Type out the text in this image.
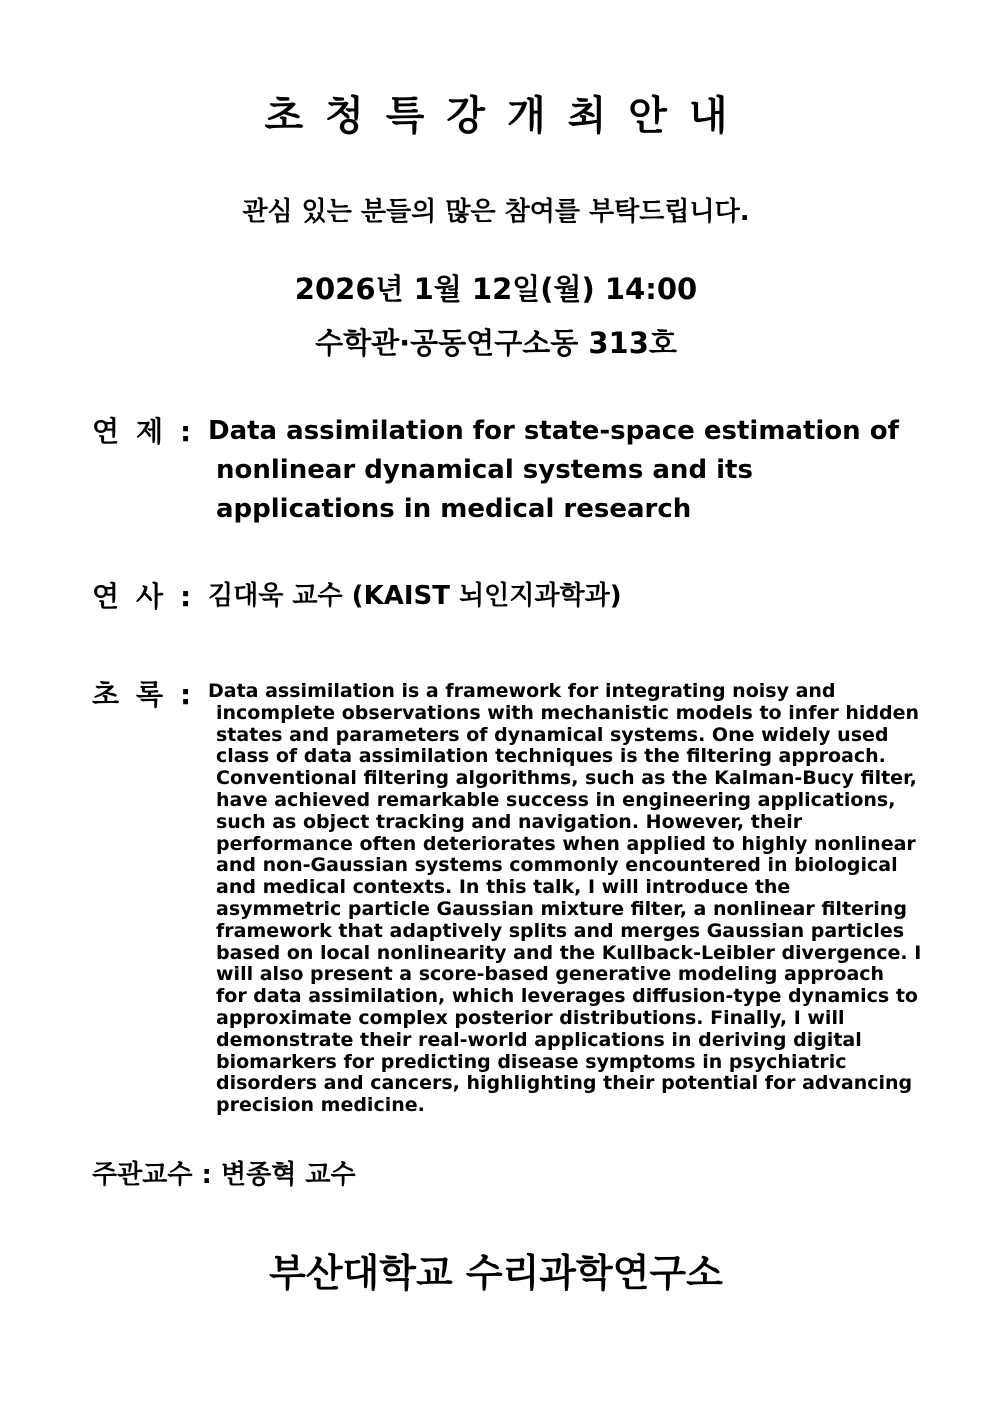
초청특강개최안내
관심 있는 분들의 많은 참여를 부탁드립니다.
2026년 1월 12일(월) 14:00
수학관·공동연구소동 313호
연 제 : Data assimilation for state-space estimation of
nonlinear dynamical systems and its
applications in medical research
연 사 : 김대욱 교수 (KAIST 뇌인지과학과)
초 록 : Data assimilation is a framework for integrating noisy and
incomplete observations with mechanistic models to infer hidden
states and parameters of dynamical systems. One widely used
class of data assimilation techniques is the filtering approach.
Conventional filtering algorithms, such as the Kalman-Bucy filter,
have achieved remarkable success in engineering applications,
such as object tracking and navigation. However, their
performance often deteriorates when applied to highly nonlinear
and non-Gaussian systems commonly encountered in biological
and medical contexts. In this talk, I will introduce the
asymmetric particle Gaussian mixture filter, a nonlinear filtering
framework that adaptively splits and merges Gaussian particles
based on local nonlinearity and the Kullback-Leibler divergence. I
will also present a score-based generative modeling approach
for data assimilation, which leverages diffusion-type dynamics to
approximate complex posterior distributions. Finally, I will
demonstrate their real-world applications in deriving digital
biomarkers for predicting disease symptoms in psychiatric
disorders and cancers, highlighting their potential for advancing
precision medicine.
주관교수 : 변종혁 교수
부산대학교 수리과학연구소
